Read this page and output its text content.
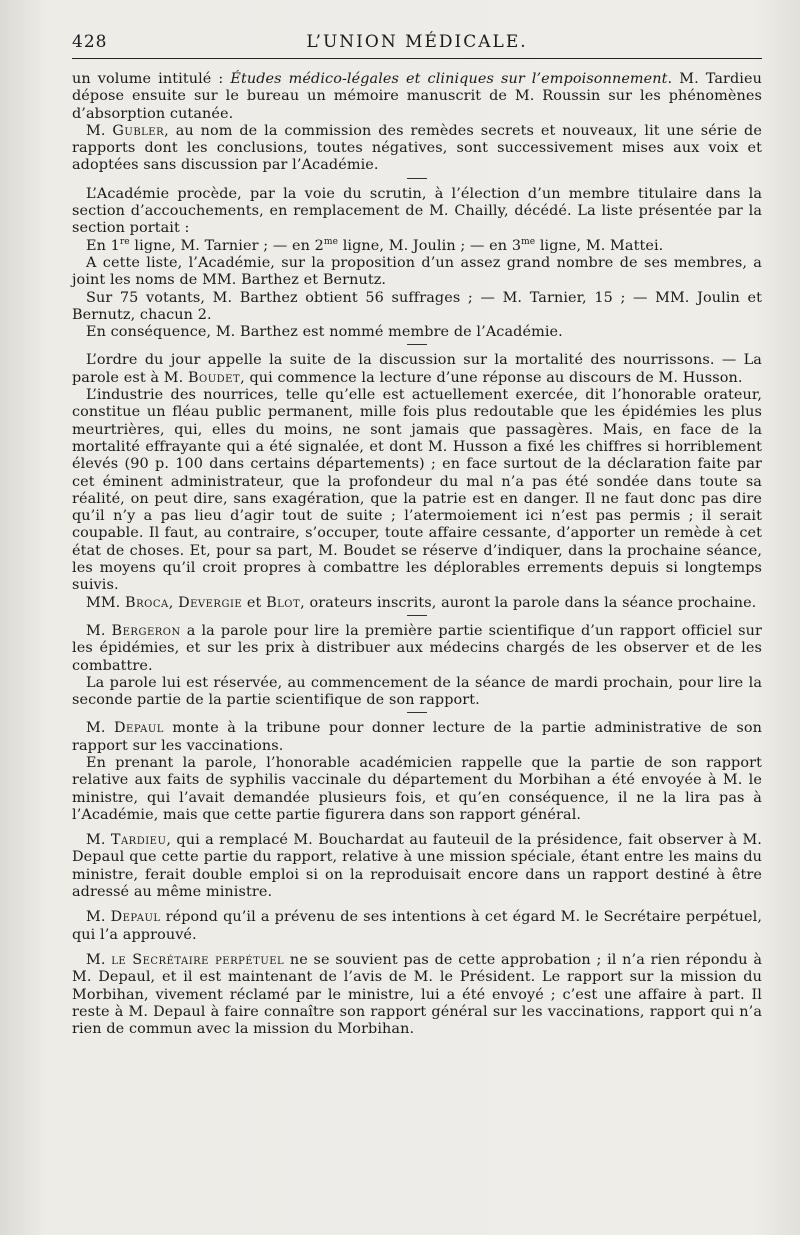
428	L’UNION MÉDICALE.

un volume intitulé : Études médico-légales et cliniques sur l’empoisonnement. M. Tardieu dépose ensuite sur le bureau un mémoire manuscrit de M. Roussin sur les phénomènes d’absorption cutanée.

M. Gubler, au nom de la commission des remèdes secrets et nouveaux, lit une série de rapports dont les conclusions, toutes négatives, sont successivement mises aux voix et adoptées sans discussion par l’Académie.

L’Académie procède, par la voie du scrutin, à l’élection d’un membre titulaire dans la section d’accouchements, en remplacement de M. Chailly, décédé. La liste présentée par la section portait :

En 1re ligne, M. Tarnier ; — en $2^{me}$ ligne, M. Joulin ; — en $3^{me}$ ligne, M. Mattei.

A cette liste, l’Académie, sur la proposition d’un assez grand nombre de ses membres, a joint les noms de MM. Barthez et Bernutz.

Sur 75 votants, M. Barthez obtient 56 suffrages ; — M. Tarnier, 15 ; — MM. Joulin et Bernutz, chacun 2.

En conséquence, M. Barthez est nommé membre de l’Académie.

L’ordre du jour appelle la suite de la discussion sur la mortalité des nourrissons. — La parole est à M. Boudet, qui commence la lecture d’une réponse au discours de M. Husson.

L’industrie des nourrices, telle qu’elle est actuellement exercée, dit l’honorable orateur, constitue un fléau public permanent, mille fois plus redoutable que les épidémies les plus meurtrières, qui, elles du moins, ne sont jamais que passagères. Mais, en face de la mortalité effrayante qui a été signalée, et dont M. Husson a fixé les chiffres si horriblement élevés (90 p. 100 dans certains départements) ; en face surtout de la déclaration faite par cet éminent administrateur, que la profondeur du mal n’a pas été sondée dans toute sa réalité, on peut dire, sans exagération, que la patrie est en danger. Il ne faut donc pas dire qu’il n’y a pas lieu d’agir tout de suite ; l’atermoiement ici n’est pas permis ; il serait coupable. Il faut, au contraire, s’occuper, toute affaire cessante, d’apporter un remède à cet état de choses. Et, pour sa part, M. Boudet se réserve d’indiquer, dans la prochaine séance, les moyens qu’il croit propres à combattre les déplorables errements depuis si longtemps suivis.

MM. Broca, Devergie et Blot, orateurs inscrits, auront la parole dans la séance prochaine.

M. Bergeron a la parole pour lire la première partie scientifique d’un rapport officiel sur les épidémies, et sur les prix à distribuer aux médecins chargés de les observer et de les combattre.

La parole lui est réservée, au commencement de la séance de mardi prochain, pour lire la seconde partie de la partie scientifique de son rapport.

M. Depaul monte à la tribune pour donner lecture de la partie administrative de son rapport sur les vaccinations.

En prenant la parole, l’honorable académicien rappelle que la partie de son rapport relative aux faits de syphilis vaccinale du département du Morbihan a été envoyée à M. le ministre, qui l’avait demandée plusieurs fois, et qu’en conséquence, il ne la lira pas à l’Académie, mais que cette partie figurera dans son rapport général.

M. Tardieu, qui a remplacé M. Bouchardat au fauteuil de la présidence, fait observer à M. Depaul que cette partie du rapport, relative à une mission spéciale, étant entre les mains du ministre, ferait double emploi si on la reproduisait encore dans un rapport destiné à être adressé au même ministre.

M. Depaul répond qu’il a prévenu de ses intentions à cet égard M. le Secrétaire perpétuel, qui l’a approuvé.

M. le Secrétaire perpétuel ne se souvient pas de cette approbation ; il n’a rien répondu à M. Depaul, et il est maintenant de l’avis de M. le Président. Le rapport sur la mission du Morbihan, vivement réclamé par le ministre, lui a été envoyé ; c’est une affaire à part. Il reste à M. Depaul à faire connaître son rapport général sur les vaccinations, rapport qui n’a rien de commun avec la mission du Morbihan.
